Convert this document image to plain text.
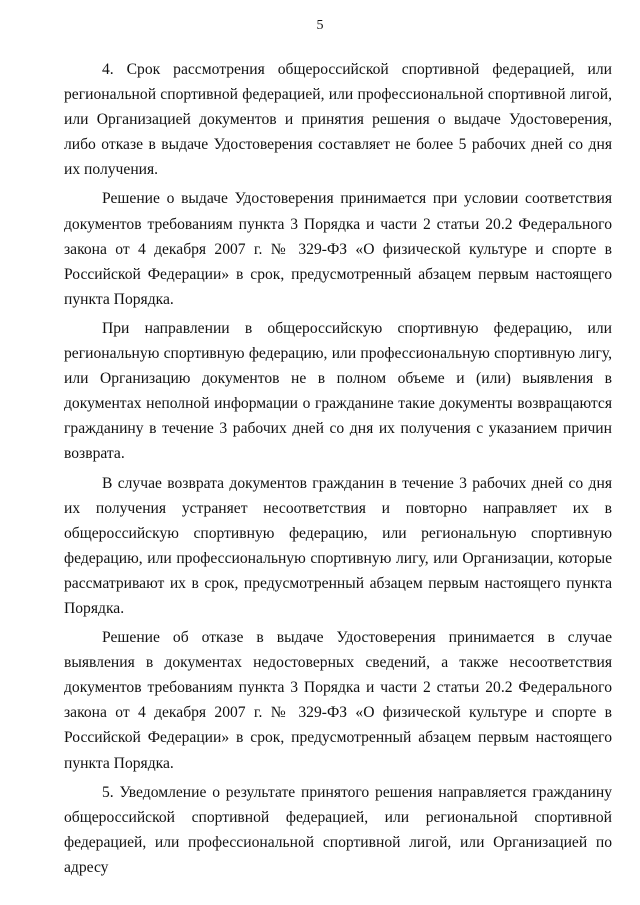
5

4. Срок рассмотрения общероссийской спортивной федерацией, или региональной спортивной федерацией, или профессиональной спортивной лигой, или Организацией документов и принятия решения о выдаче Удостоверения, либо отказе в выдаче Удостоверения составляет не более 5 рабочих дней со дня их получения.

Решение о выдаче Удостоверения принимается при условии соответствия документов требованиям пункта 3 Порядка и части 2 статьи 20.2 Федерального закона от 4 декабря 2007 г. № 329-ФЗ «О физической культуре и спорте в Российской Федерации» в срок, предусмотренный абзацем первым настоящего пункта Порядка.

При направлении в общероссийскую спортивную федерацию, или региональную спортивную федерацию, или профессиональную спортивную лигу, или Организацию документов не в полном объеме и (или) выявления в документах неполной информации о гражданине такие документы возвращаются гражданину в течение 3 рабочих дней со дня их получения с указанием причин возврата.

В случае возврата документов гражданин в течение 3 рабочих дней со дня их получения устраняет несоответствия и повторно направляет их в общероссийскую спортивную федерацию, или региональную спортивную федерацию, или профессиональную спортивную лигу, или Организации, которые рассматривают их в срок, предусмотренный абзацем первым настоящего пункта Порядка.

Решение об отказе в выдаче Удостоверения принимается в случае выявления в документах недостоверных сведений, а также несоответствия документов требованиям пункта 3 Порядка и части 2 статьи 20.2 Федерального закона от 4 декабря 2007 г. № 329-ФЗ «О физической культуре и спорте в Российской Федерации» в срок, предусмотренный абзацем первым настоящего пункта Порядка.

5. Уведомление о результате принятого решения направляется гражданину общероссийской спортивной федерацией, или региональной спортивной федерацией, или профессиональной спортивной лигой, или Организацией по адресу
